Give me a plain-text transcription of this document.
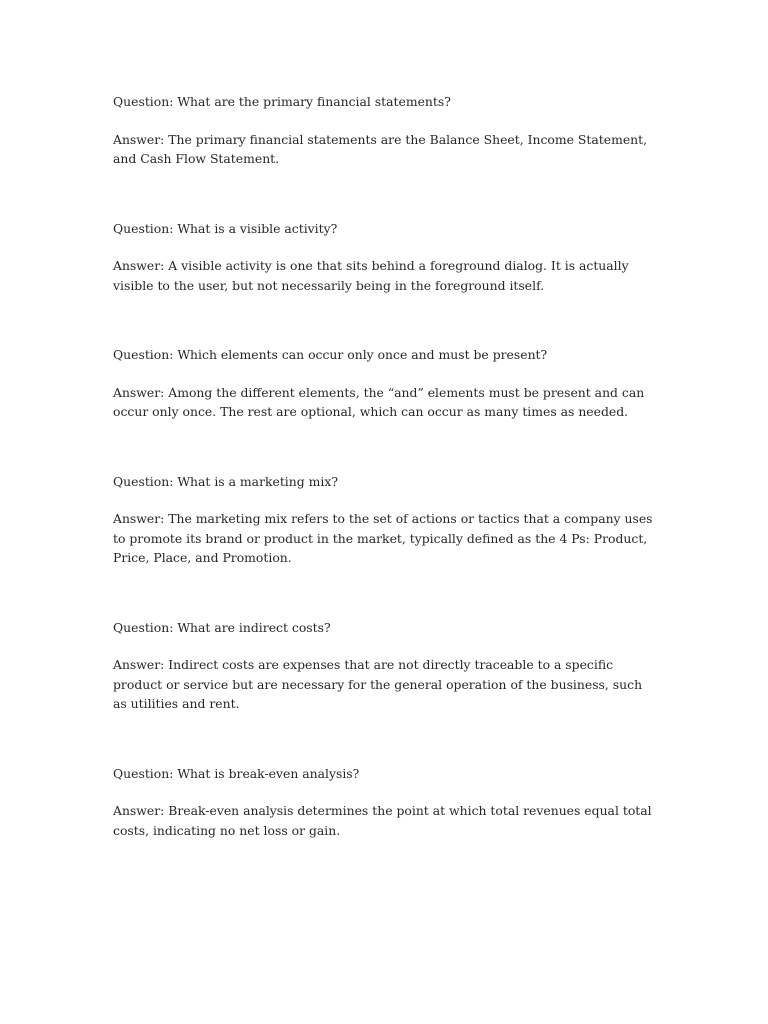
Question: What are the primary financial statements?

Answer: The primary financial statements are the Balance Sheet, Income Statement, and Cash Flow Statement.

Question: What is a visible activity?

Answer: A visible activity is one that sits behind a foreground dialog. It is actually visible to the user, but not necessarily being in the foreground itself.

Question: Which elements can occur only once and must be present?

Answer: Among the different elements, the “and” elements must be present and can occur only once. The rest are optional, which can occur as many times as needed.

Question: What is a marketing mix?

Answer: The marketing mix refers to the set of actions or tactics that a company uses to promote its brand or product in the market, typically defined as the 4 Ps: Product, Price, Place, and Promotion.

Question: What are indirect costs?

Answer: Indirect costs are expenses that are not directly traceable to a specific product or service but are necessary for the general operation of the business, such as utilities and rent.

Question: What is break-even analysis?

Answer: Break-even analysis determines the point at which total revenues equal total costs, indicating no net loss or gain.
